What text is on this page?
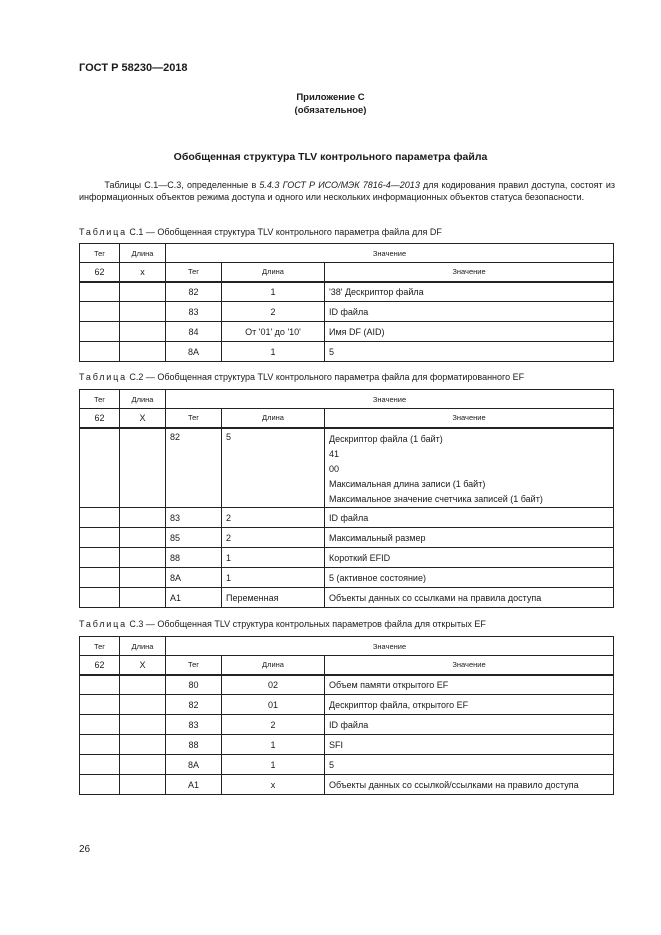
ГОСТ Р 58230—2018
Приложение С
(обязательное)
Обобщенная структура TLV контрольного параметра файла
Таблицы С.1—С.3, определенные в 5.4.3 ГОСТ Р ИСО/МЭК 7816-4—2013 для кодирования правил доступа, состоят из информационных объектов режима доступа и одного или нескольких информационных объектов статуса безопасности.
Таблица С.1 — Обобщенная структура TLV контрольного параметра файла для DF
Тег	Длина	Значение		
62	x	Тег	Длина	Значение
		82	1	'38' Дескриптор файла
		83	2	ID файла
		84	От '01' до '10'	Имя DF (AID)
		8A	1	5
Таблица С.2 — Обобщенная структура TLV контрольного параметра файла для форматированного EF
Тег	Длина	Значение		
62	X	Тег	Длина	Значение
		82	5	Дескриптор файла (1 байт)
41
00
Максимальная длина записи (1 байт)
Максимальное значение счетчика записей (1 байт)

		83	2	ID файла
		85	2	Максимальный размер
		88	1	Короткий EFID
		8A	1	5 (активное состояние)
		A1	Переменная	Объекты данных со ссылками на правила доступа
Таблица С.3 — Обобщенная TLV структура контрольных параметров файла для открытых EF
Тег	Длина	Значение		
62	X	Тег	Длина	Значение
		80	02	Объем памяти открытого EF
		82	01	Дескриптор файла, открытого EF
		83	2	ID файла
		88	1	SFI
		8A	1	5
		A1	x	Объекты данных со ссылкой/ссылками на правило доступа
26
